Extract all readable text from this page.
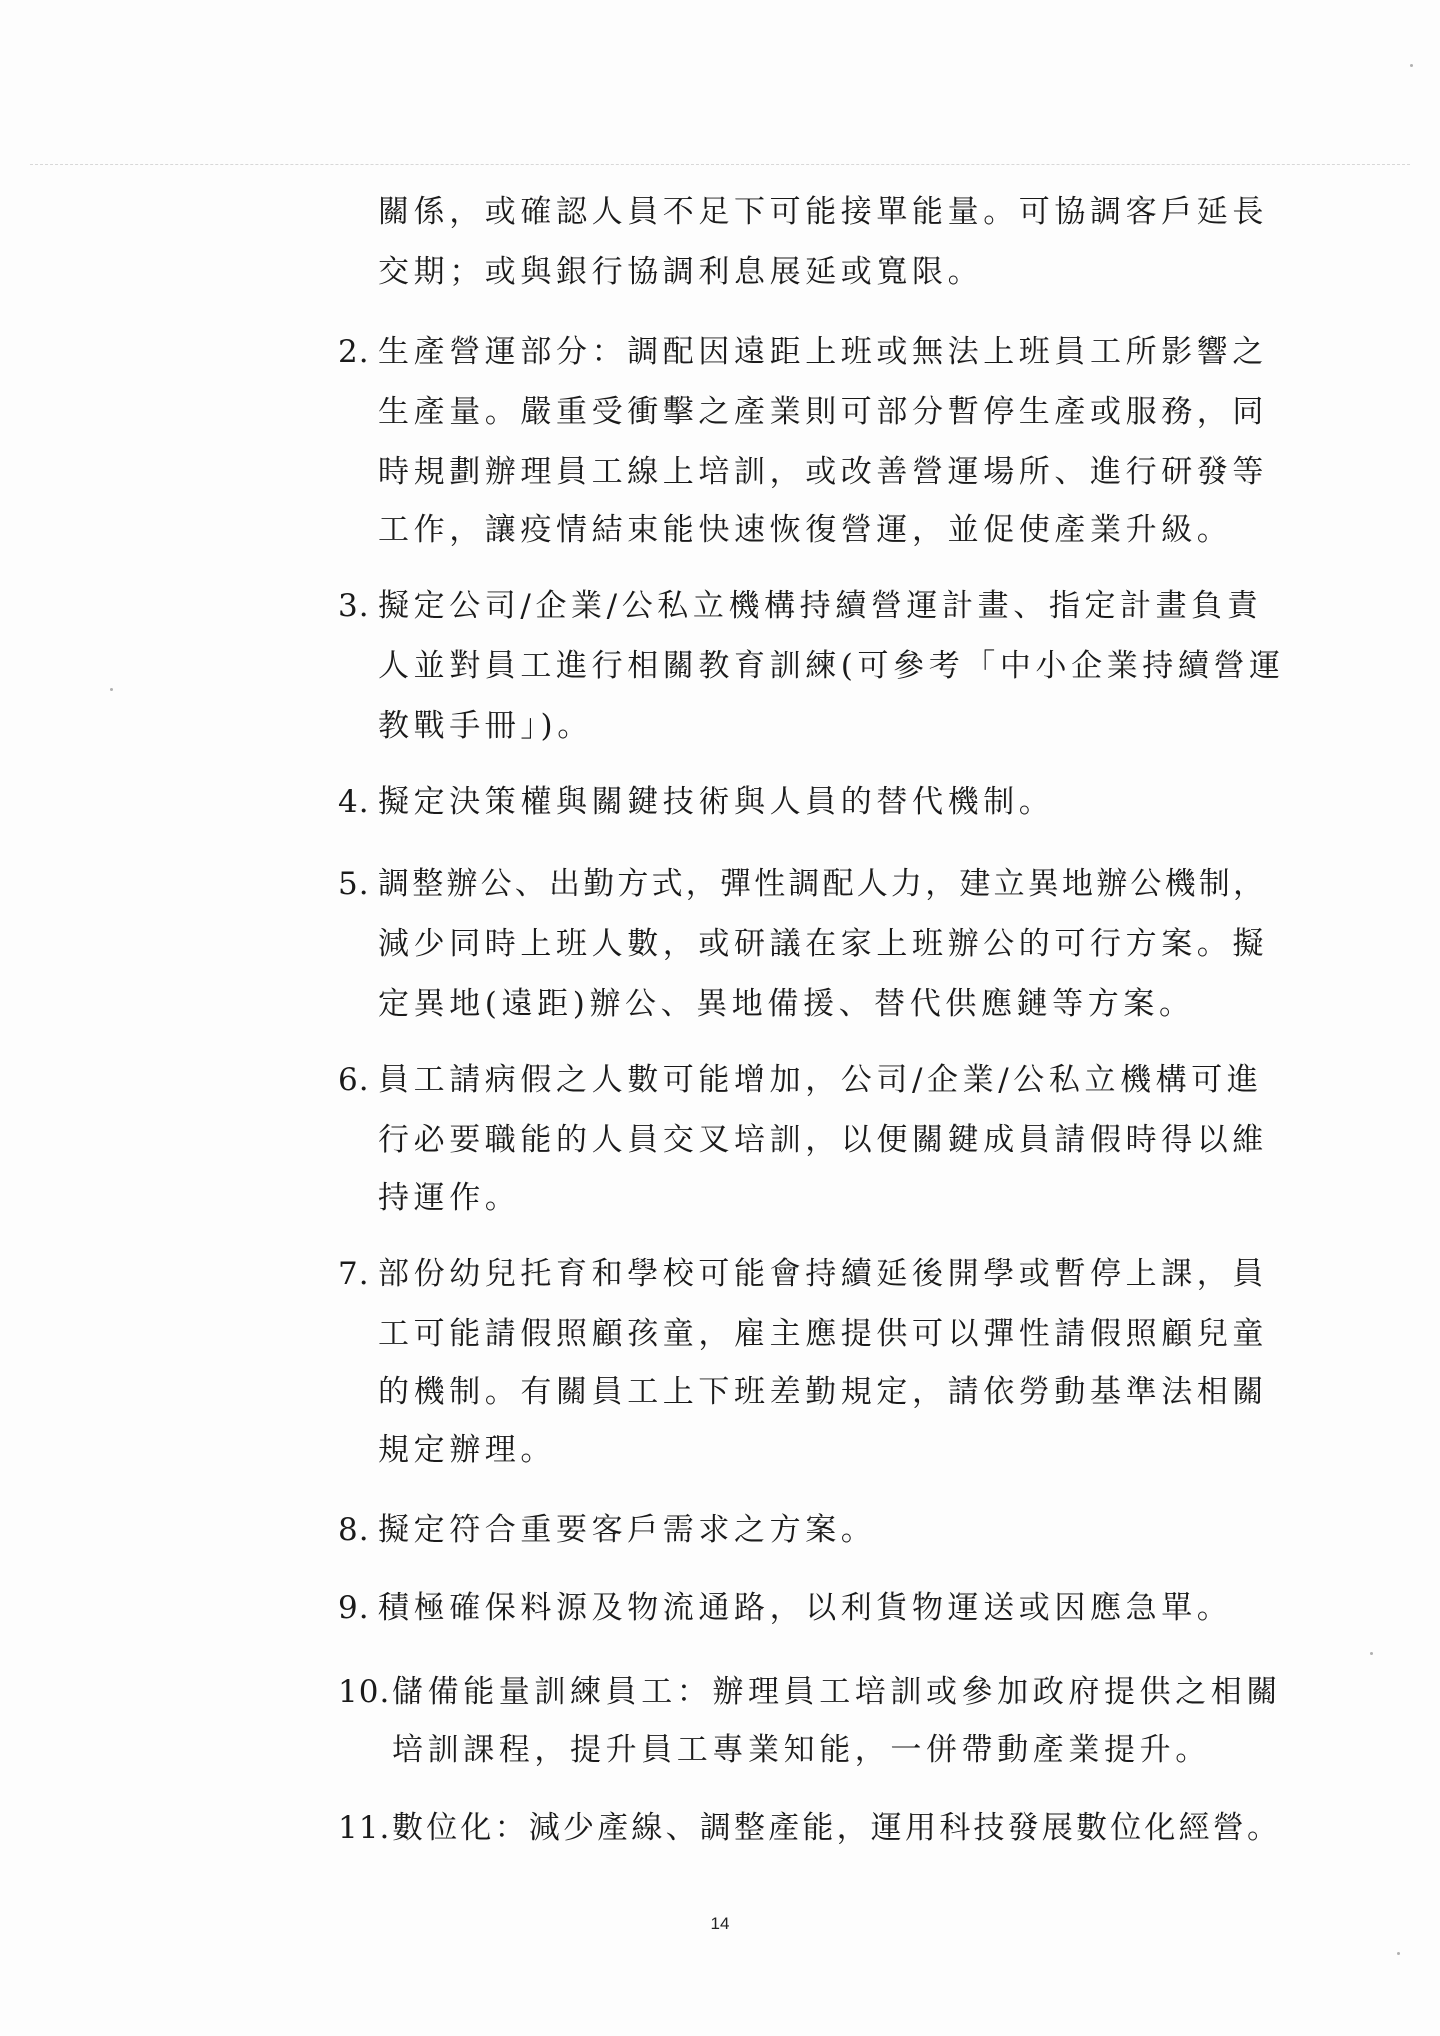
關係，或確認人員不足下可能接單能量。可協調客戶延長
交期；或與銀行協調利息展延或寬限。
2. 生產營運部分：調配因遠距上班或無法上班員工所影響之
生產量。嚴重受衝擊之產業則可部分暫停生產或服務，同
時規劃辦理員工線上培訓，或改善營運場所、進行研發等
工作，讓疫情結束能快速恢復營運，並促使產業升級。
3. 擬定公司/企業/公私立機構持續營運計畫、指定計畫負責
人並對員工進行相關教育訓練(可參考「中小企業持續營運
教戰手冊」)。
4. 擬定決策權與關鍵技術與人員的替代機制。
5. 調整辦公、出勤方式，彈性調配人力，建立異地辦公機制，
減少同時上班人數，或研議在家上班辦公的可行方案。擬
定異地(遠距)辦公、異地備援、替代供應鏈等方案。
6. 員工請病假之人數可能增加，公司/企業/公私立機構可進
行必要職能的人員交叉培訓，以便關鍵成員請假時得以維
持運作。
7. 部份幼兒托育和學校可能會持續延後開學或暫停上課，員
工可能請假照顧孩童，雇主應提供可以彈性請假照顧兒童
的機制。有關員工上下班差勤規定，請依勞動基準法相關
規定辦理。
8. 擬定符合重要客戶需求之方案。
9. 積極確保料源及物流通路，以利貨物運送或因應急單。
10. 儲備能量訓練員工：辦理員工培訓或參加政府提供之相關
培訓課程，提升員工專業知能，一併帶動產業提升。
11. 數位化：減少產線、調整產能，運用科技發展數位化經營。
14
